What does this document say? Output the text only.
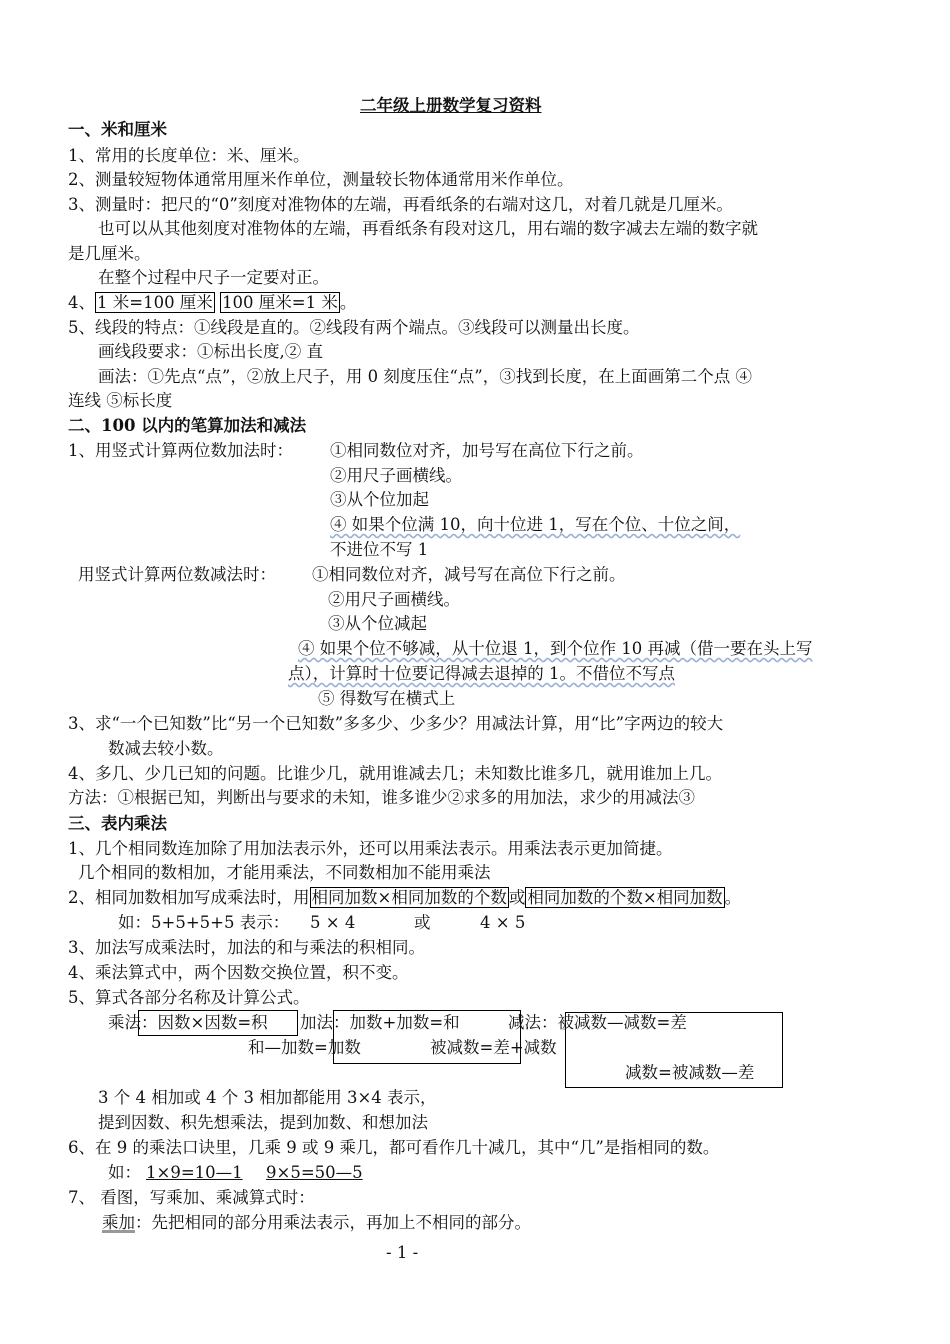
二年级上册数学复习资料
一、米和厘米
1、常用的长度单位：米、厘米。
2、测量较短物体通常用厘米作单位，测量较长物体通常用米作单位。
3、测量时：把尺的“0”刻度对准物体的左端，再看纸条的右端对这几，对着几就是几厘米。
也可以从其他刻度对准物体的左端，再看纸条有段对这几，用右端的数字减去左端的数字就
是几厘米。
在整个过程中尺子一定要对正。
4、 1 米=100 厘米 100 厘米=1 米 。
5、线段的特点：①线段是直的。②线段有两个端点。③线段可以测量出长度。
画线段要求：①标出长度,② 直
画法：①先点“点”，②放上尺子，用 0 刻度压住“点”，③找到长度，在上面画第二个点 ④
连线 ⑤标长度
二、100 以内的笔算加法和减法
1、用竖式计算两位数加法时： ①相同数位对齐，加号写在高位下行之前。
②用尺子画横线。
③从个位加起
④ 如果个位满 10，向十位进 1，写在个位、十位之间，
不进位不写 1
用竖式计算两位数减法时： ①相同数位对齐，减号写在高位下行之前。
②用尺子画横线。
③从个位减起
④ 如果个位不够减，从十位退 1，到个位作 10 再减（借一要在头上写
点），计算时十位要记得减去退掉的 1。不借位不写点
⑤ 得数写在横式上
3、求“一个已知数”比“另一个已知数”多多少、少多少？用减法计算，用“比”字两边的较大
数减去较小数。
4、多几、少几已知的问题。比谁少几，就用谁减去几；未知数比谁多几，就用谁加上几。
方法：①根据已知，判断出与要求的未知，谁多谁少②求多的用加法，求少的用减法③
三、表内乘法
1、几个相同数连加除了用加法表示外，还可以用乘法表示。用乘法表示更加简捷。
几个相同的数相加，才能用乘法，不同数相加不能用乘法
2、相同加数相加写成乘法时，用 相同加数×相同加数的个数 或 相同加数的个数×相同加数 。
如：5+5+5+5 表示： 5 × 4	或	4 × 5
3、加法写成乘法时，加法的和与乘法的积相同。
4、乘法算式中，两个因数交换位置，积不变。
5、算式各部分名称及计算公式。
乘法：因数×因数=积 加法：加数+加数=和	减法：被减数—减数=差
和—加数=加数	被减数=差+减数
减数=被减数—差
3 个 4 相加或 4 个 3 相加都能用 3×4 表示，
提到因数、积先想乘法，提到加数、和想加法
6、在 9 的乘法口诀里，几乘 9 或 9 乘几，都可看作几十减几，其中“几”是指相同的数。
如： 1×9=10—1 9×5=50—5
7、 看图，写乘加、乘减算式时：
乘加：先把相同的部分用乘法表示，再加上不相同的部分。
- 1 -
